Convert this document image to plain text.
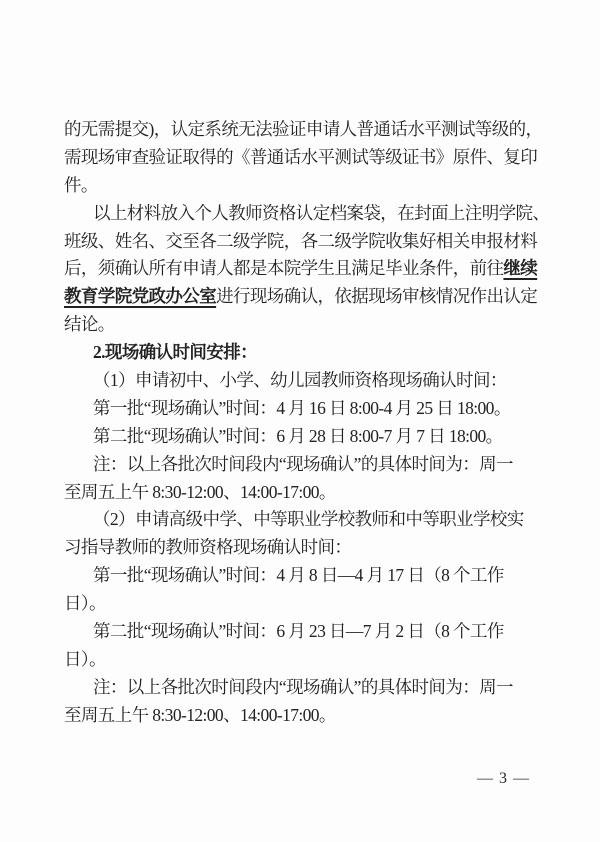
的无需提交)，认定系统无法验证申请人普通话水平测试等级的，
需现场审查验证取得的《普通话水平测试等级证书》原件、复印
件。
以上材料放入个人教师资格认定档案袋，在封面上注明学院、
班级、姓名、交至各二级学院，各二级学院收集好相关申报材料
后，须确认所有申请人都是本院学生且满足毕业条件，前往继续
教育学院党政办公室进行现场确认，依据现场审核情况作出认定
结论。
2.现场确认时间安排：
（1）申请初中、小学、幼儿园教师资格现场确认时间：
第一批“现场确认”时间：4 月 16 日 8:00-4 月 25 日 18:00。
第二批“现场确认”时间：6 月 28 日 8:00-7 月 7 日 18:00。
注：以上各批次时间段内“现场确认”的具体时间为：周一
至周五上午 8:30-12:00、14:00-17:00。
（2）申请高级中学、中等职业学校教师和中等职业学校实
习指导教师的教师资格现场确认时间：
第一批“现场确认”时间：4 月 8 日—4 月 17 日（8 个工作
日）。
第二批“现场确认”时间：6 月 23 日—7 月 2 日（8 个工作
日）。
注：以上各批次时间段内“现场确认”的具体时间为：周一
至周五上午 8:30-12:00、14:00-17:00。
— 3 —
